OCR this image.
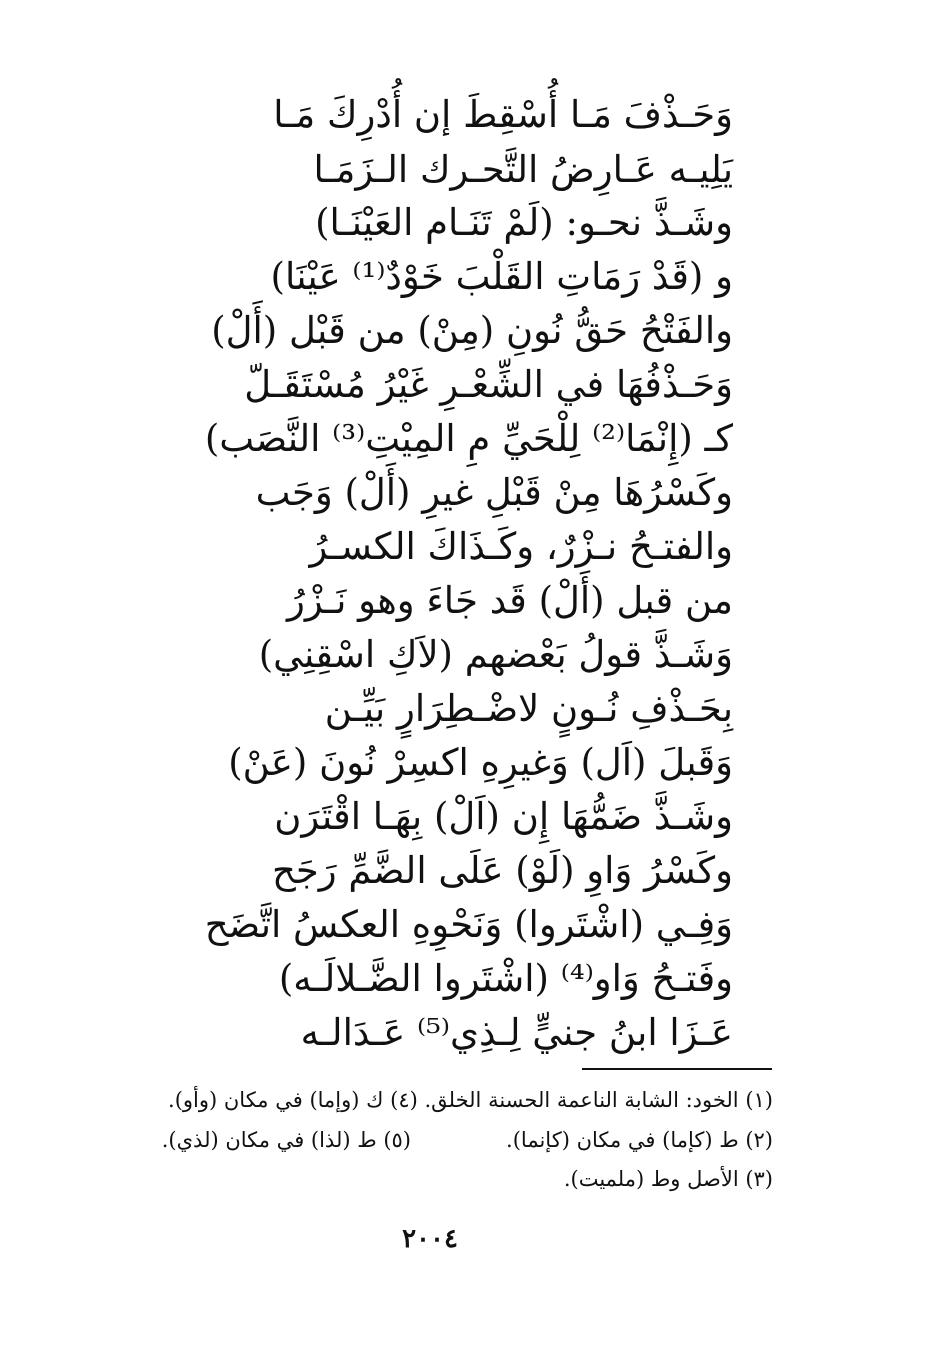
وَحَـذْفَ مَـا أُسْقِطَ إن أُدْرِكَ مَـا
يَلِيـه عَـارِضُ التَّحـرك الـزَمَـا
وشَـذَّ نحـو: (لَمْ تَنَـام العَيْنَـا)
و (قَدْ رَمَاتِ القَلْبَ خَوْدٌ⁽¹⁾ عَيْنَا)
والفَتْحُ حَقُّ نُونِ (مِنْ) من قَبْل (أَلْ)
وَحَـذْفُهَا في الشِّعْـرِ غَيْرُ مُسْتَقَـلّ
كـ (إِنْمَا⁽²⁾ لِلْحَيِّ مِ المِيْتِ⁽³⁾ النَّصَب)
وكَسْرُهَا مِنْ قَبْلِ غيرِ (أَلْ) وَجَب
والفتـحُ نـزْرٌ، وكَـذَاكَ الكسـرُ
من قبل (أَلْ) قَد جَاءَ وهو نَـزْرُ
وَشَـذَّ قولُ بَعْضهم (لاَكِ اسْقِنِي)
بِحَـذْفِ نُـونٍ لاضْـطِرَارٍ بَيِّـن
وَقَبلَ (اَل) وَغيرِهِ اكسِرْ نُونَ (عَنْ)
وشَـذَّ ضَمُّهَا إِن (اَلْ) بِهَـا اقْتَرَن
وكَسْرُ وَاوِ (لَوْ) عَلَى الضَّمِّ رَجَح
وَفِـي (اشْتَروا) وَنَحْوِهِ العكسُ اتَّضَح
وفَتـحُ وَاو⁽⁴⁾ (اشْتَروا الضَّـلالَـه)
عَـزَا ابنُ جنيٍّ لِـذِي⁽⁵⁾ عَـدَالـه
(١) الخود: الشابة الناعمة الحسنة الخلق. (٤) ك (وإما) في مكان (وأو).
(٢) ط (كإما) في مكان (كإنما).
(٥) ط (لذا) في مكان (لذي).
(٣) الأصل وط (ملميت).
٢٠٠٤
